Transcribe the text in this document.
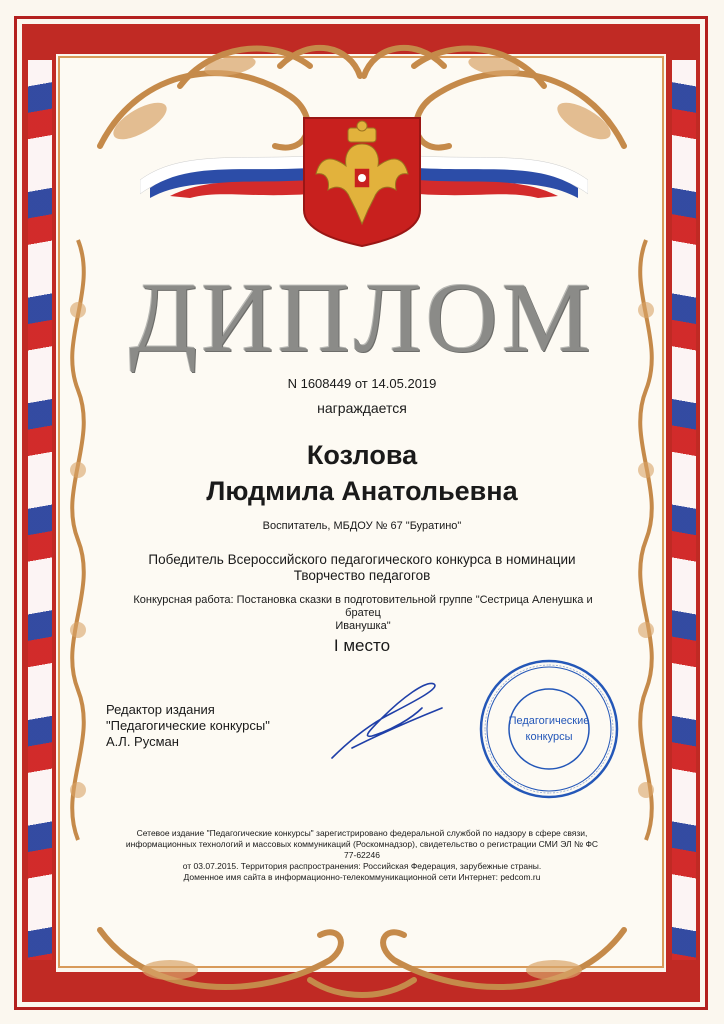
ДИПЛОМ
N 1608449 от 14.05.2019
награждается
Козлова
Людмила Анатольевна
Воспитатель, МБДОУ № 67 "Буратино"
Победитель Всероссийского педагогического конкурса в номинации
Творчество педагогов
Конкурсная работа: Постановка сказки в подготовительной группе "Сестрица Аленушка и братец
Иванушка"
I место
Редактор издания
"Педагогические конкурсы"
А.Л. Русман
Педагогические
конкурсы
Сетевое издание "Педагогические конкурсы" зарегистрировано федеральной службой по надзору в сфере связи,
информационных технологий и массовых коммуникаций (Роскомнадзор), свидетельство о регистрации СМИ ЭЛ № ФС 77-62246
от 03.07.2015. Территория распространения: Российская Федерация, зарубежные страны.
Доменное имя сайта в информационно-телекоммуникационной сети Интернет: pedcom.ru
